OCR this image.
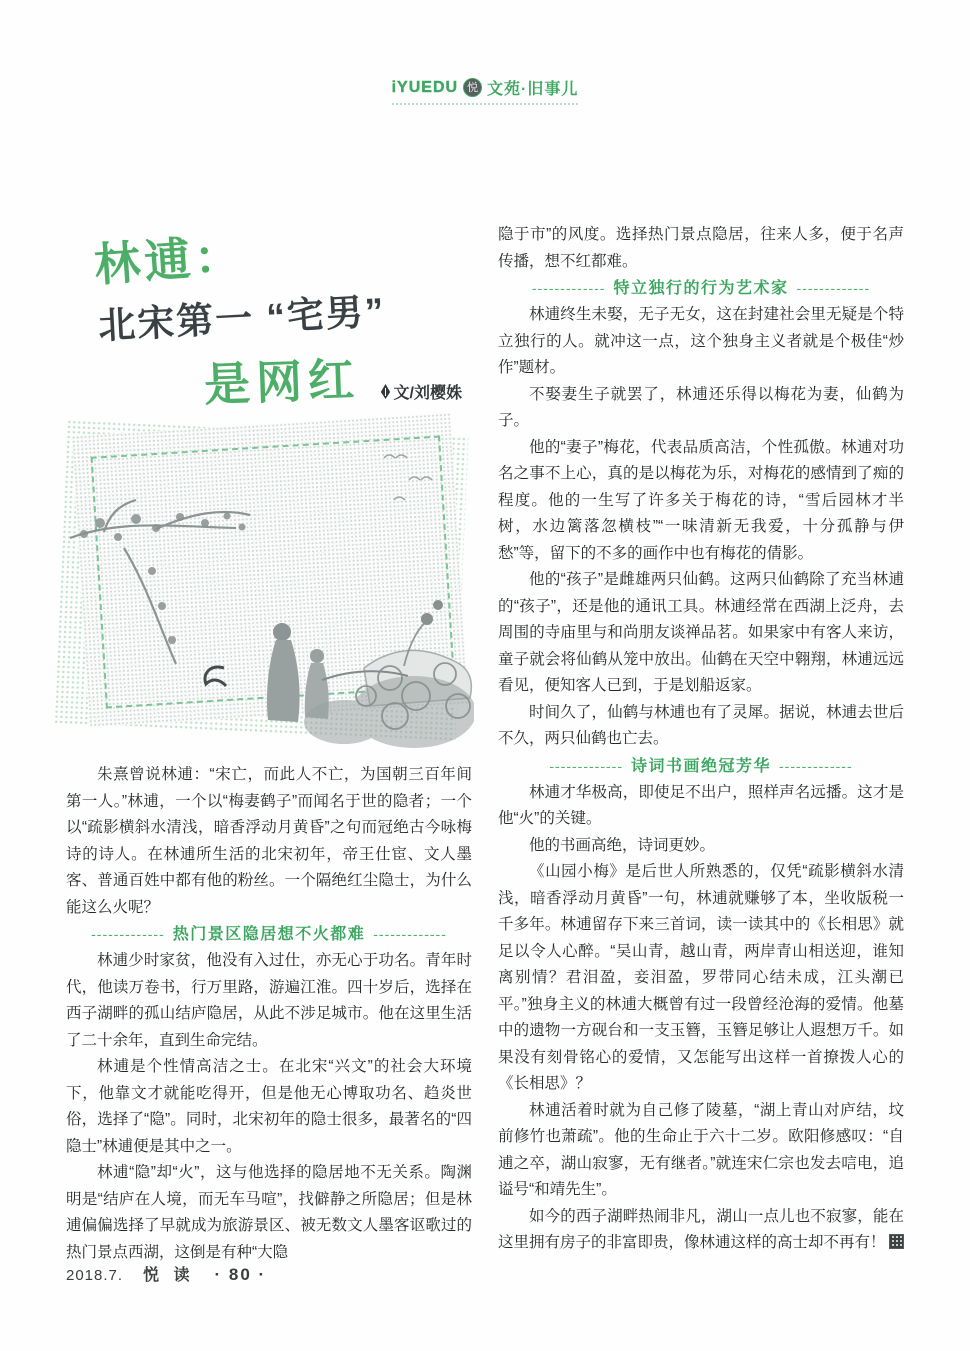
iYUEDU 悦 文苑·旧事儿
林逋：
北宋第一 “宅男”
是网红 文/刘樱姝

朱熹曾说林逋：“宋亡，而此人不亡，为国朝三百年间第一人。”林逋，一个以“梅妻鹤子”而闻名于世的隐者；一个以“疏影横斜水清浅，暗香浮动月黄昏”之句而冠绝古今咏梅诗的诗人。在林逋所生活的北宋初年，帝王仕宦、文人墨客、普通百姓中都有他的粉丝。一个隔绝红尘隐士，为什么能这么火呢？

------------- 热门景区隐居想不火都难 -------------

林逋少时家贫，他没有入过仕，亦无心于功名。青年时代，他读万卷书，行万里路，游遍江淮。四十岁后，选择在西子湖畔的孤山结庐隐居，从此不涉足城市。他在这里生活了二十余年，直到生命完结。

林逋是个性情高洁之士。在北宋“兴文”的社会大环境下，他靠文才就能吃得开，但是他无心博取功名、趋炎世俗，选择了“隐”。同时，北宋初年的隐士很多，最著名的“四隐士”林逋便是其中之一。

林逋“隐”却“火”，这与他选择的隐居地不无关系。陶渊明是“结庐在人境，而无车马喧”，找僻静之所隐居；但是林逋偏偏选择了早就成为旅游景区、被无数文人墨客讴歌过的热门景点西湖，这倒是有种“大隐

隐于市”的风度。选择热门景点隐居，往来人多，便于名声传播，想不红都难。

------------- 特立独行的行为艺术家 -------------

林逋终生未娶，无子无女，这在封建社会里无疑是个特立独行的人。就冲这一点，这个独身主义者就是个极佳“炒作”题材。

不娶妻生子就罢了，林逋还乐得以梅花为妻，仙鹤为子。

他的“妻子”梅花，代表品质高洁，个性孤傲。林逋对功名之事不上心，真的是以梅花为乐，对梅花的感情到了痴的程度。他的一生写了许多关于梅花的诗，“雪后园林才半树，水边篱落忽横枝”“一味清新无我爱，十分孤静与伊愁”等，留下的不多的画作中也有梅花的倩影。

他的“孩子”是雌雄两只仙鹤。这两只仙鹤除了充当林逋的“孩子”，还是他的通讯工具。林逋经常在西湖上泛舟，去周围的寺庙里与和尚朋友谈禅品茗。如果家中有客人来访，童子就会将仙鹤从笼中放出。仙鹤在天空中翱翔，林逋远远看见，便知客人已到，于是划船返家。

时间久了，仙鹤与林逋也有了灵犀。据说，林逋去世后不久，两只仙鹤也亡去。

------------- 诗词书画绝冠芳华 -------------

林逋才华极高，即使足不出户，照样声名远播。这才是他“火”的关键。

他的书画高绝，诗词更妙。

《山园小梅》是后世人所熟悉的，仅凭“疏影横斜水清浅，暗香浮动月黄昏”一句，林逋就赚够了本，坐收版税一千多年。林逋留存下来三首词，读一读其中的《长相思》就足以令人心醉。“吴山青，越山青，两岸青山相送迎，谁知离别情？君泪盈，妾泪盈，罗带同心结未成，江头潮已平。”独身主义的林逋大概曾有过一段曾经沧海的爱情。他墓中的遗物一方砚台和一支玉簪，玉簪足够让人遐想万千。如果没有刻骨铭心的爱情，又怎能写出这样一首撩拨人心的《长相思》？

林逋活着时就为自己修了陵墓，“湖上青山对庐结，坟前修竹也萧疏”。他的生命止于六十二岁。欧阳修感叹：“自逋之卒，湖山寂寥，无有继者。”就连宋仁宗也发去唁电，追谥号“和靖先生”。

如今的西子湖畔热闹非凡，湖山一点儿也不寂寥，能在这里拥有房子的非富即贵，像林逋这样的高士却不再有！

2018.7. 悦 读 · 80 ·
